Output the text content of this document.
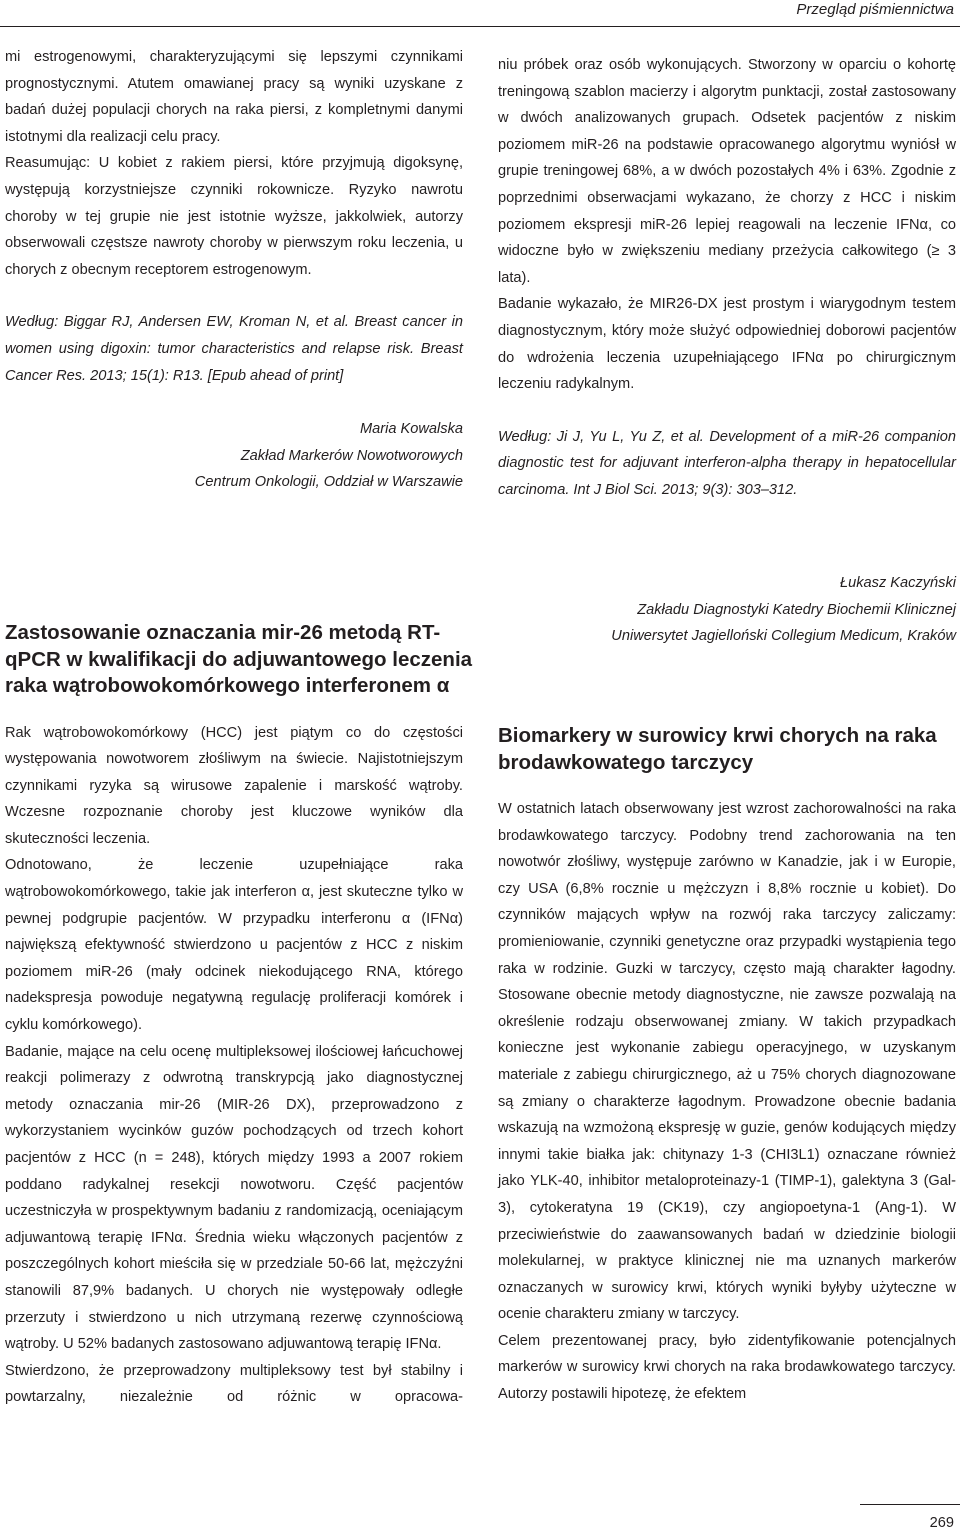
Przegląd piśmiennictwa

mi estrogenowymi, charakteryzującymi się lepszymi czynnikami prognostycznymi. Atutem omawianej pracy są wyniki uzyskane z badań dużej populacji chorych na raka piersi, z kompletnymi danymi istotnymi dla realizacji celu pracy.

Reasumując: U kobiet z rakiem piersi, które przyjmują digoksynę, występują korzystniejsze czynniki rokownicze. Ryzyko nawrotu choroby w tej grupie nie jest istotnie wyższe, jakkolwiek, autorzy obserwowali częstsze nawroty choroby w pierwszym roku leczenia, u chorych z obecnym receptorem estrogenowym.

Według: Biggar RJ, Andersen EW, Kroman N, et al. Breast cancer in women using digoxin: tumor characteristics and relapse risk. Breast Cancer Res. 2013; 15(1): R13. [Epub ahead of print]

Maria Kowalska

Zakład Markerów Nowotworowych

Centrum Onkologii, Oddział w Warszawie

Zastosowanie oznaczania mir-26 metodą RT-qPCR w kwalifikacji do adjuwantowego leczenia raka wątrobowokomórkowego interferonem α

Rak wątrobowokomórkowy (HCC) jest piątym co do częstości występowania nowotworem złośliwym na świecie. Najistotniejszym czynnikami ryzyka są wirusowe zapalenie i marskość wątroby. Wczesne rozpoznanie choroby jest kluczowe wyników dla skuteczności leczenia.

Odnotowano, że leczenie uzupełniające raka wątrobowokomórkowego, takie jak interferon α, jest skuteczne tylko w pewnej podgrupie pacjentów. W przypadku interferonu α (IFNα) największą efektywność stwierdzono u pacjentów z HCC z niskim poziomem miR-26 (mały odcinek niekodującego RNA, którego nadekspresja powoduje negatywną regulację proliferacji komórek i cyklu komórkowego).

Badanie, mające na celu ocenę multipleksowej ilościowej łańcuchowej reakcji polimerazy z odwrotną transkrypcją jako diagnostycznej metody oznaczania mir-26 (MIR-26 DX), przeprowadzono z wykorzystaniem wycinków guzów pochodzących od trzech kohort pacjentów z HCC (n = 248), których między 1993 a 2007 rokiem poddano radykalnej resekcji nowotworu. Część pacjentów uczestniczyła w prospektywnym badaniu z randomizacją, oceniającym adjuwantową terapię IFNα. Średnia wieku włączonych pacjentów z poszczególnych kohort mieściła się w przedziale 50-66 lat, mężczyźni stanowili 87,9% badanych. U chorych nie występowały odległe przerzuty i stwierdzono u nich utrzymaną rezerwę czynnościową wątroby. U 52% badanych zastosowano adjuwantową terapię IFNα.

Stwierdzono, że przeprowadzony multipleksowy test był stabilny i powtarzalny, niezależnie od różnic w opracowa-

niu próbek oraz osób wykonujących. Stworzony w oparciu o kohortę treningową szablon macierzy i algorytm punktacji, został zastosowany w dwóch analizowanych grupach. Odsetek pacjentów z niskim poziomem miR-26 na podstawie opracowanego algorytmu wyniósł w grupie treningowej 68%, a w dwóch pozostałych 4% i 63%. Zgodnie z poprzednimi obserwacjami wykazano, że chorzy z HCC i niskim poziomem ekspresji miR-26 lepiej reagowali na leczenie IFNα, co widoczne było w zwiększeniu mediany przeżycia całkowitego (≥ 3 lata).

Badanie wykazało, że MIR26-DX jest prostym i wiarygodnym testem diagnostycznym, który może służyć odpowiedniej doborowi pacjentów do wdrożenia leczenia uzupełniającego IFNα po chirurgicznym leczeniu radykalnym.

Według: Ji J, Yu L, Yu Z, et al. Development of a miR-26 companion diagnostic test for adjuvant interferon-alpha therapy in hepatocellular carcinoma. Int J Biol Sci. 2013; 9(3): 303–312.

Łukasz Kaczyński

Zakładu Diagnostyki Katedry Biochemii Klinicznej

Uniwersytet Jagielloński Collegium Medicum, Kraków

Biomarkery w surowicy krwi chorych na raka brodawkowatego tarczycy

W ostatnich latach obserwowany jest wzrost zachorowalności na raka brodawkowatego tarczycy. Podobny trend zachorowania na ten nowotwór złośliwy, występuje zarówno w Kanadzie, jak i w Europie, czy USA (6,8% rocznie u mężczyzn i 8,8% rocznie u kobiet). Do czynników mających wpływ na rozwój raka tarczycy zaliczamy: promieniowanie, czynniki genetyczne oraz przypadki wystąpienia tego raka w rodzinie. Guzki w tarczycy, często mają charakter łagodny. Stosowane obecnie metody diagnostyczne, nie zawsze pozwalają na określenie rodzaju obserwowanej zmiany. W takich przypadkach konieczne jest wykonanie zabiegu operacyjnego, w uzyskanym materiale z zabiegu chirurgicznego, aż u 75% chorych diagnozowane są zmiany o charakterze łagodnym. Prowadzone obecnie badania wskazują na wzmożoną ekspresję w guzie, genów kodujących między innymi takie białka jak: chitynazy 1-3 (CHI3L1) oznaczane również jako YLK-40, inhibitor metaloproteinazy-1 (TIMP-1), galektyna 3 (Gal-3), cytokeratyna 19 (CK19), czy angiopoetyna-1 (Ang-1). W przeciwieństwie do zaawansowanych badań w dziedzinie biologii molekularnej, w praktyce klinicznej nie ma uznanych markerów oznaczanych w surowicy krwi, których wyniki byłyby użyteczne w ocenie charakteru zmiany w tarczycy.

Celem prezentowanej pracy, było zidentyfikowanie potencjalnych markerów w surowicy krwi chorych na raka brodawkowatego tarczycy. Autorzy postawili hipotezę, że efektem

269
